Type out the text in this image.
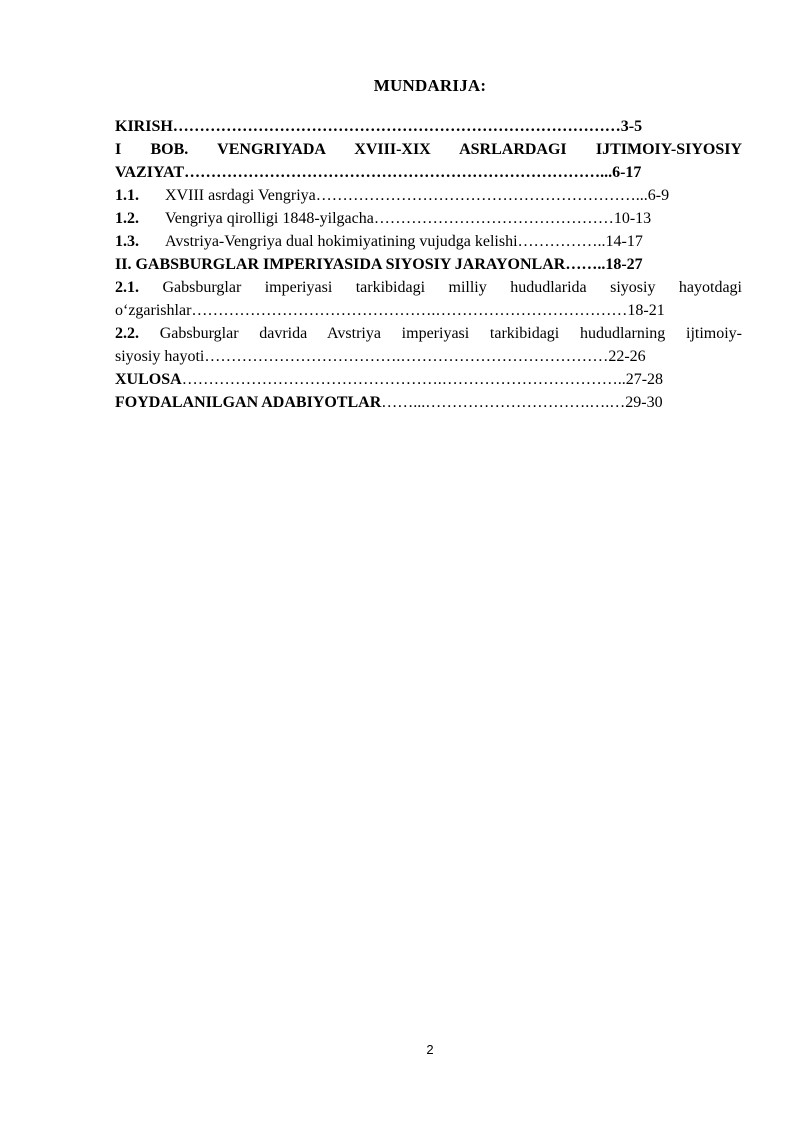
MUNDARIJA:
KIRISH…………………………………………………………………………3-5
I BOB. VENGRIYADA XVIII-XIX ASRLARDAGI IJTIMOIY-SIYOSIY
VAZIYAT……………………………………………………………………...6-17
1.1. XVIII asrdagi Vengriya……………………………………………………...6-9
1.2. Vengriya qirolligi 1848-yilgacha………………………………………10-13
1.3. Avstriya-Vengriya dual hokimiyatining vujudga kelishi……………..14-17
II. GABSBURGLAR IMPERIYASIDA SIYOSIY JARAYONLAR……..18-27
2.1. Gabsburglar imperiyasi tarkibidagi milliy hududlarida siyosiy hayotdagi
o‘zgarishlar……………………………………….………………………………18-21
2.2. Gabsburglar davrida Avstriya imperiyasi tarkibidagi hududlarning ijtimoiy-
siyosiy hayoti……………………………….…………………………………22-26
XULOSA………………………………………….……………………………..27-28
FOYDALANILGAN ADABIYOTLAR……...………………………….….…29-30
2
